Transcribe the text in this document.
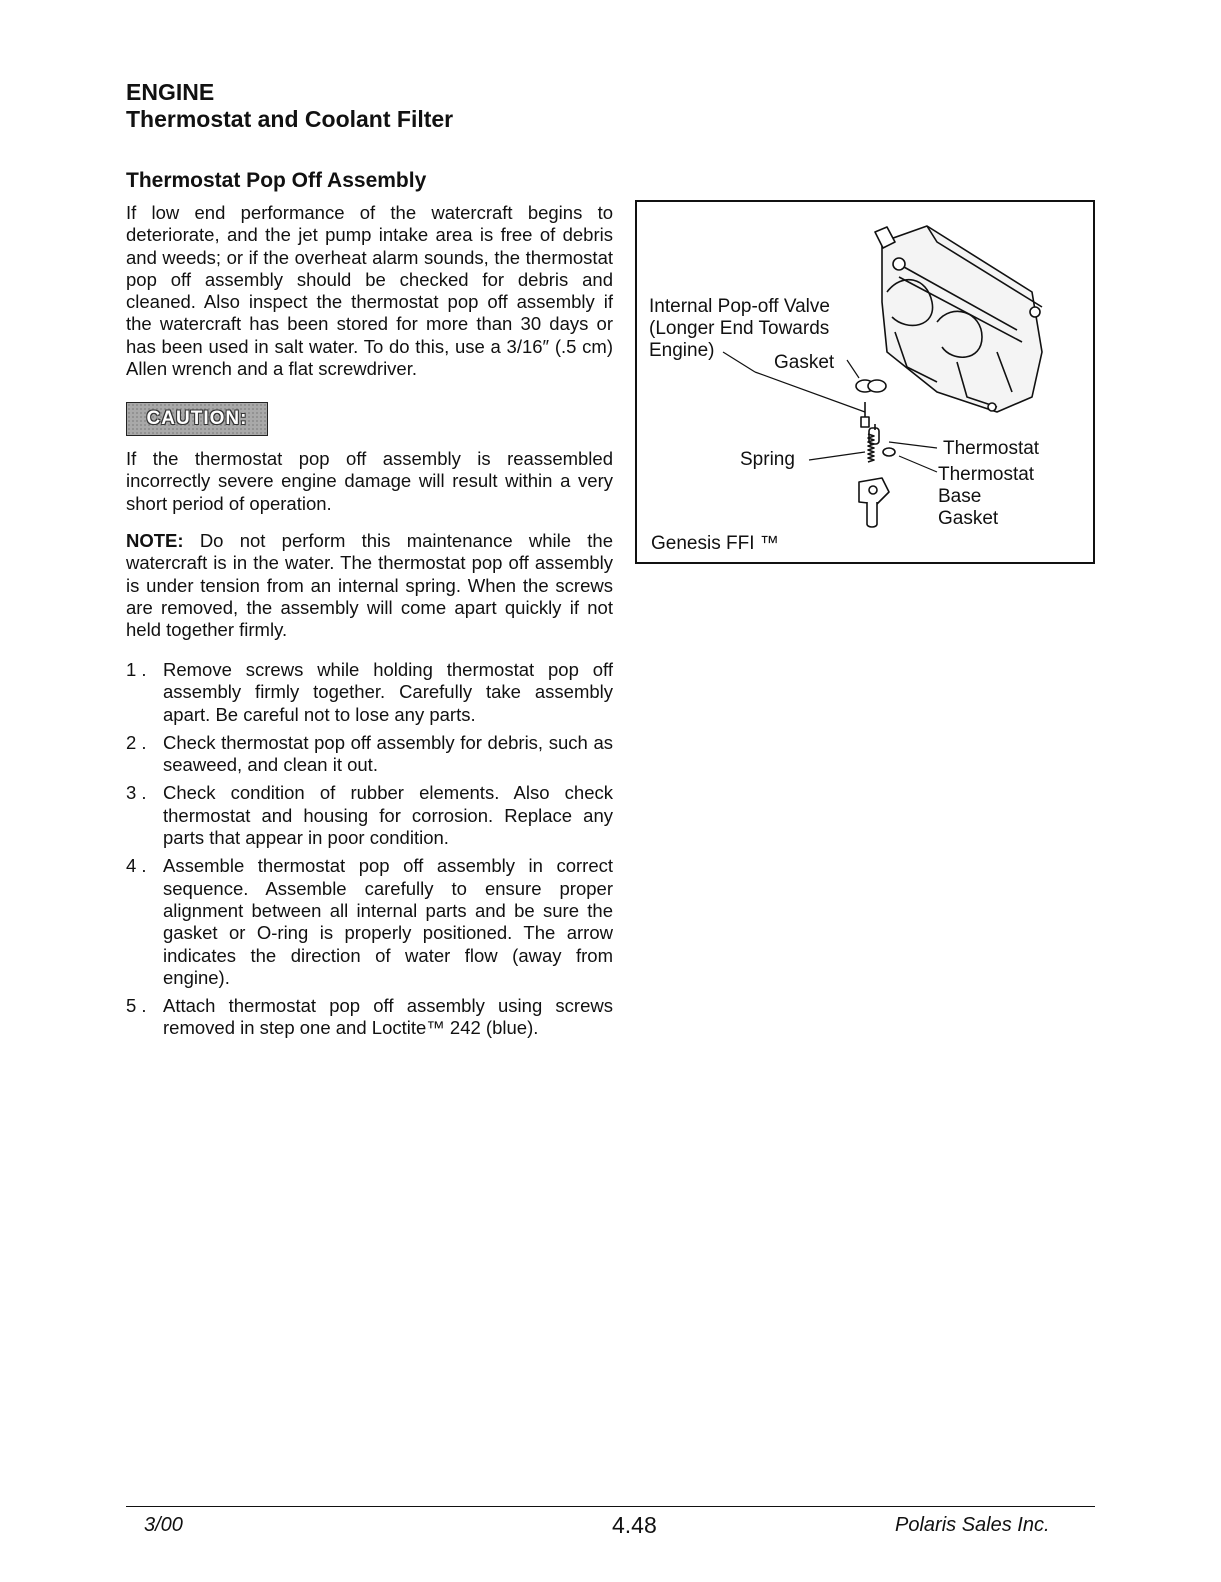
ENGINE
Thermostat and Coolant Filter
Thermostat Pop Off Assembly
If low end performance of the watercraft begins to deteriorate, and the jet pump intake area is free of debris and weeds; or if the overheat alarm sounds, the thermostat pop off assembly should be checked for debris and cleaned. Also inspect the thermostat pop off assembly if the watercraft has been stored for more than 30 days or has been used in salt water. To do this, use a 3/16″ (.5 cm) Allen wrench and a flat screwdriver.
CAUTION:
If the thermostat pop off assembly is reassembled incorrectly severe engine damage will result within a very short period of operation.
NOTE: Do not perform this maintenance while the watercraft is in the water. The thermostat pop off assembly is under tension from an internal spring. When the screws are removed, the assembly will come apart quickly if not held together firmly.
1 . Remove screws while holding thermostat pop off assembly firmly together. Carefully take assembly apart. Be careful not to lose any parts.
2 . Check thermostat pop off assembly for debris, such as seaweed, and clean it out.
3 . Check condition of rubber elements. Also check thermostat and housing for corrosion. Replace any parts that appear in poor condition.
4 . Assemble thermostat pop off assembly in correct sequence. Assemble carefully to ensure proper alignment between all internal parts and be sure the gasket or O-ring is properly positioned. The arrow indicates the direction of water flow (away from engine).
5 . Attach thermostat pop off assembly using screws removed in step one and Loctite™ 242 (blue).
Internal Pop-off Valve
(Longer End Towards
Engine)
Gasket
Spring
Thermostat
Thermostat
Base
Gasket
Genesis FFI ™
3/00	4.48	Polaris Sales Inc.
